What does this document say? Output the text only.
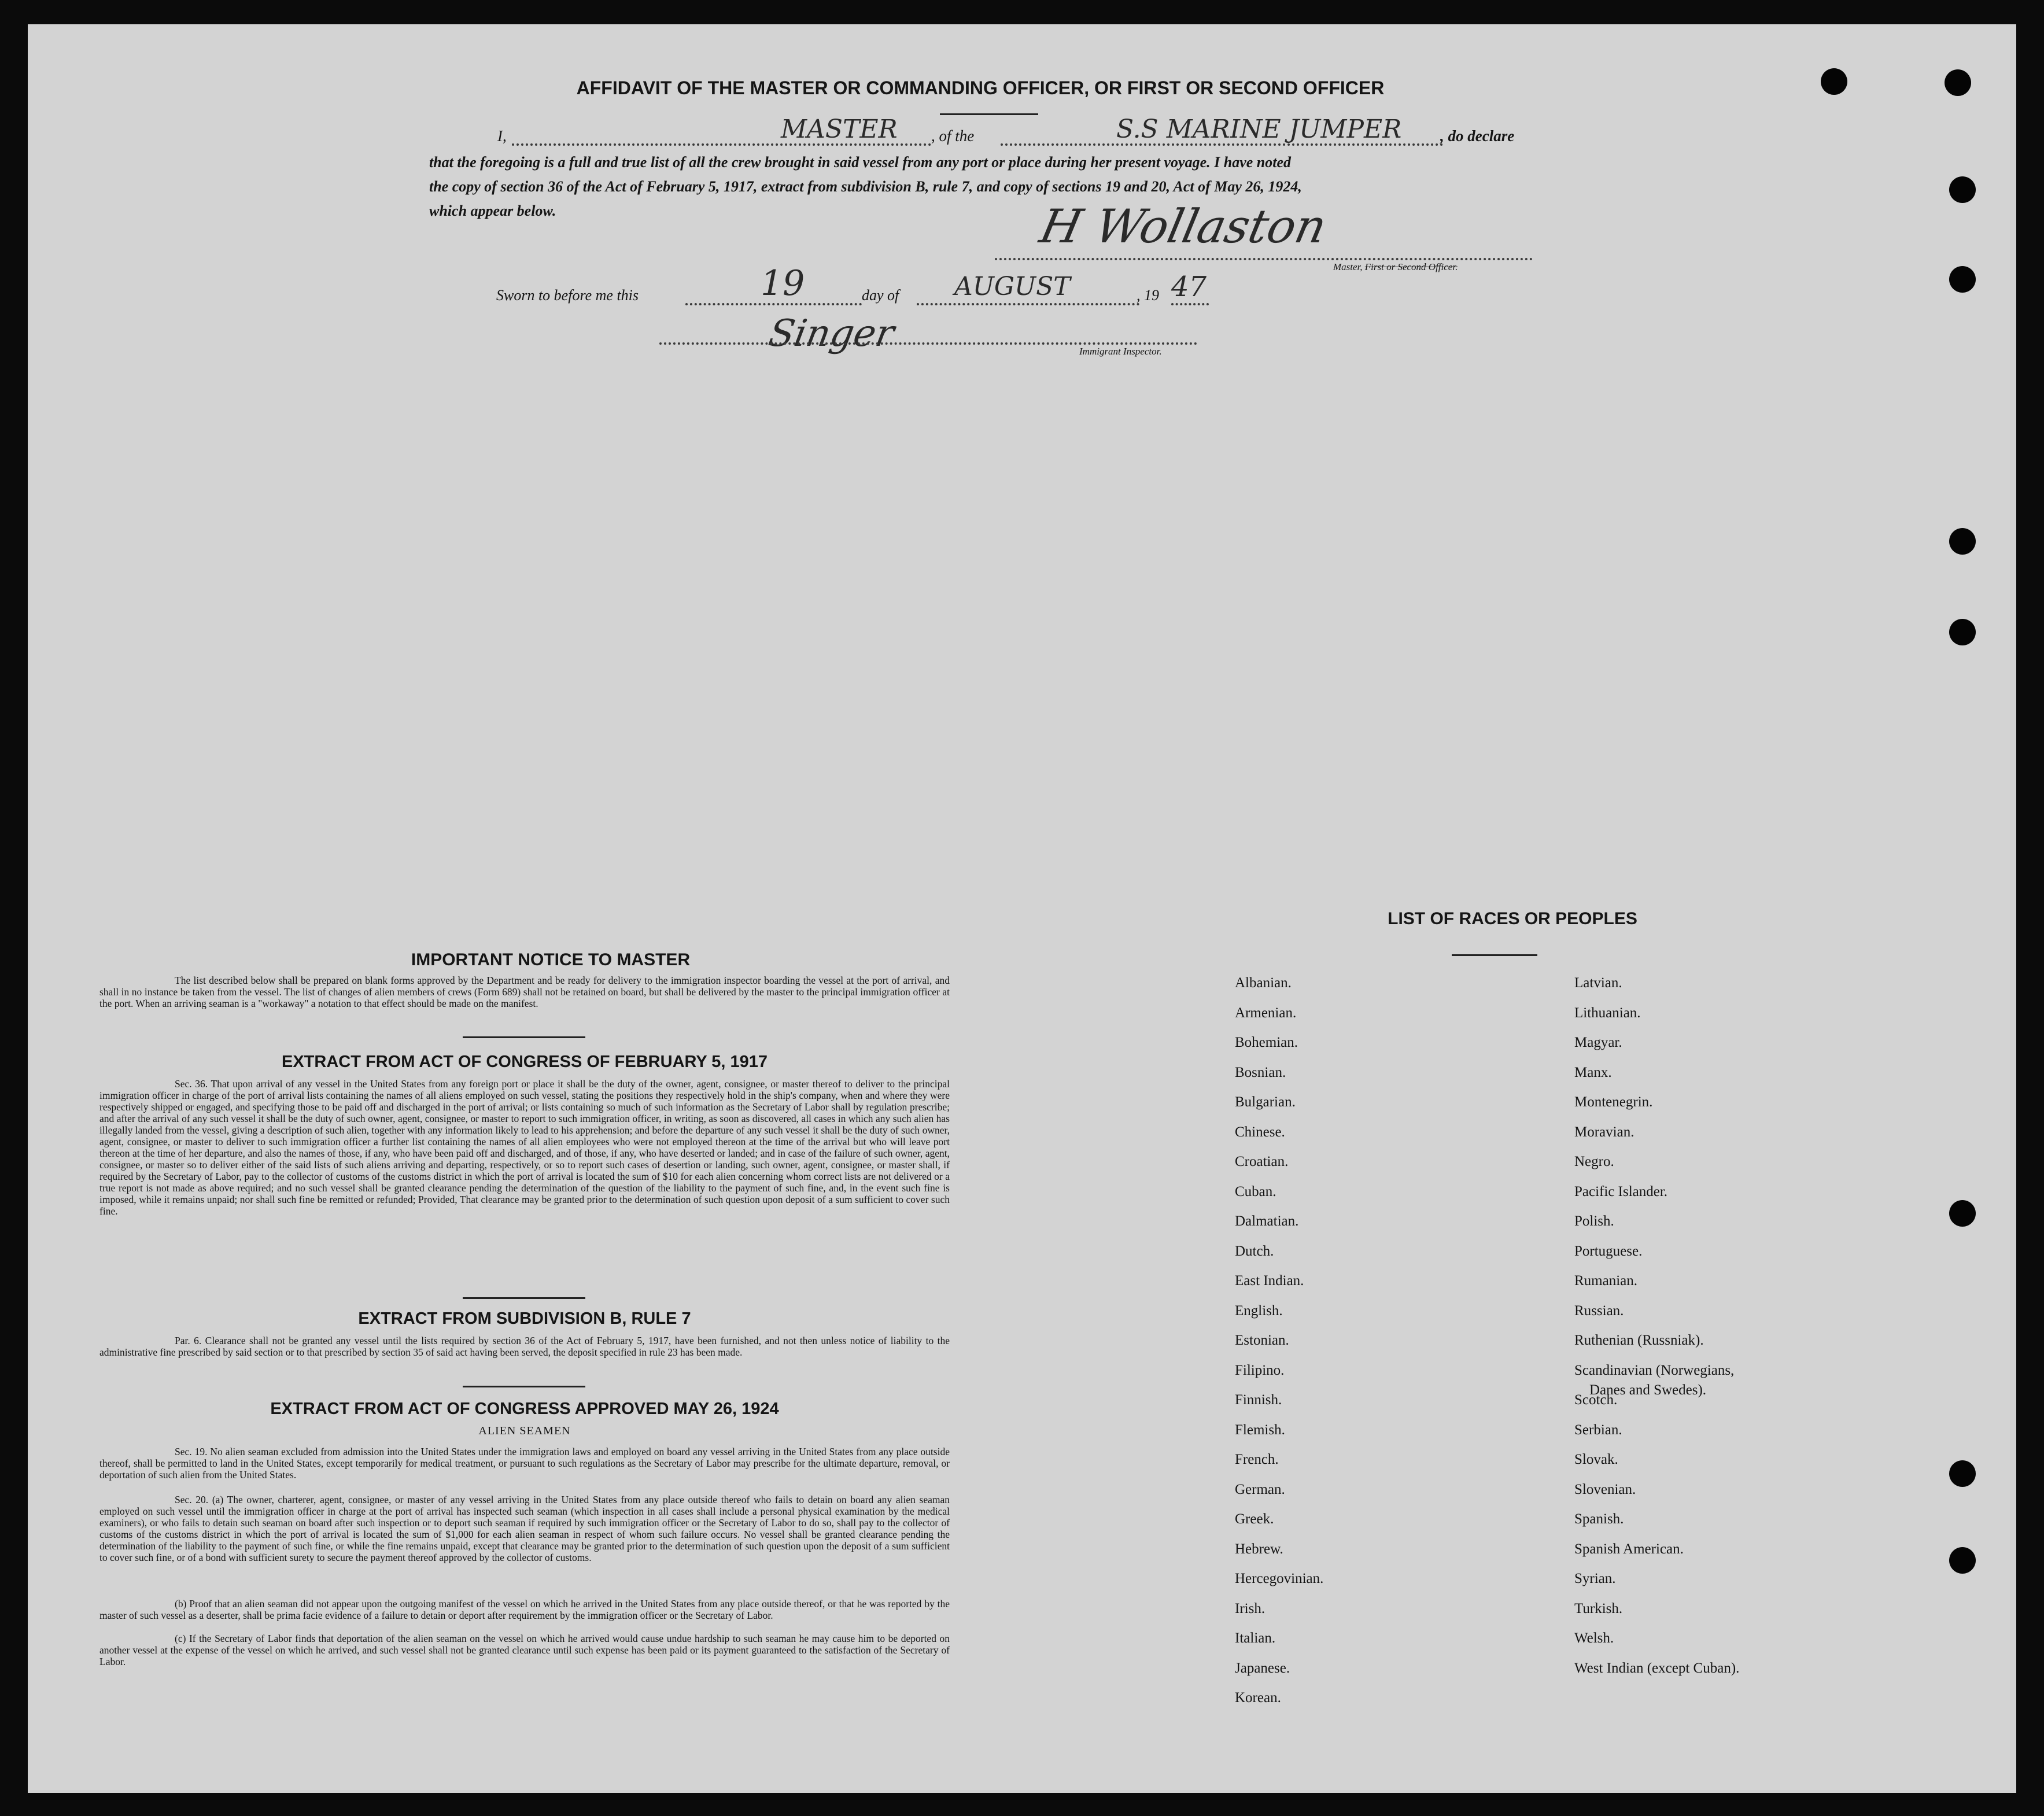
AFFIDAVIT OF THE MASTER OR COMMANDING OFFICER, OR FIRST OR SECOND OFFICER
I,	MASTER , of the	S.S MARINE JUMPER , do declare
that the foregoing is a full and true list of all the crew brought in said vessel from any port or place during her present voyage. I have noted
the copy of section 36 of the Act of February 5, 1917, extract from subdivision B, rule 7, and copy of sections 19 and 20, Act of May 26, 1924,
which appear below.	H Wollaston
Master, First or Second Officer.
Sworn to before me this	19	day of AUGUST	, 19 47
Singer	Immigrant Inspector.
IMPORTANT NOTICE TO MASTER
The list described below shall be prepared on blank forms approved by the Department and be ready for delivery to the immigration inspector boarding the vessel at the port of arrival, and shall in no instance be taken from the vessel. The list of changes of alien members of crews (Form 689) shall not be retained on board, but shall be delivered by the master to the principal immigration officer at the port. When an arriving seaman is a "workaway" a notation to that effect should be made on the manifest.
EXTRACT FROM ACT OF CONGRESS OF FEBRUARY 5, 1917
Sec. 36. That upon arrival of any vessel in the United States from any foreign port or place it shall be the duty of the owner, agent, consignee, or master thereof to deliver to the principal immigration officer in charge of the port of arrival lists containing the names of all aliens employed on such vessel, stating the positions they respectively hold in the ship's company, when and where they were respectively shipped or engaged, and specifying those to be paid off and discharged in the port of arrival; or lists containing so much of such information as the Secretary of Labor shall by regulation prescribe; and after the arrival of any such vessel it shall be the duty of such owner, agent, consignee, or master to report to such immigration officer, in writing, as soon as discovered, all cases in which any such alien has illegally landed from the vessel, giving a description of such alien, together with any information likely to lead to his apprehension; and before the departure of any such vessel it shall be the duty of such owner, agent, consignee, or master to deliver to such immigration officer a further list containing the names of all alien employees who were not employed thereon at the time of the arrival but who will leave port thereon at the time of her departure, and also the names of those, if any, who have been paid off and discharged, and of those, if any, who have deserted or landed; and in case of the failure of such owner, agent, consignee, or master so to deliver either of the said lists of such aliens arriving and departing, respectively, or so to report such cases of desertion or landing, such owner, agent, consignee, or master shall, if required by the Secretary of Labor, pay to the collector of customs of the customs district in which the port of arrival is located the sum of $10 for each alien concerning whom correct lists are not delivered or a true report is not made as above required; and no such vessel shall be granted clearance pending the determination of the question of the liability to the payment of such fine, and, in the event such fine is imposed, while it remains unpaid; nor shall such fine be remitted or refunded; Provided, That clearance may be granted prior to the determination of such question upon deposit of a sum sufficient to cover such fine.
EXTRACT FROM SUBDIVISION B, RULE 7
Par. 6. Clearance shall not be granted any vessel until the lists required by section 36 of the Act of February 5, 1917, have been furnished, and not then unless notice of liability to the administrative fine prescribed by said section or to that prescribed by section 35 of said act having been served, the deposit specified in rule 23 has been made.
EXTRACT FROM ACT OF CONGRESS APPROVED MAY 26, 1924
ALIEN SEAMEN
Sec. 19. No alien seaman excluded from admission into the United States under the immigration laws and employed on board any vessel arriving in the United States from any place outside thereof, shall be permitted to land in the United States, except temporarily for medical treatment, or pursuant to such regulations as the Secretary of Labor may prescribe for the ultimate departure, removal, or deportation of such alien from the United States.
Sec. 20. (a) The owner, charterer, agent, consignee, or master of any vessel arriving in the United States from any place outside thereof who fails to detain on board any alien seaman employed on such vessel until the immigration officer in charge at the port of arrival has inspected such seaman (which inspection in all cases shall include a personal physical examination by the medical examiners), or who fails to detain such seaman on board after such inspection or to deport such seaman if required by such immigration officer or the Secretary of Labor to do so, shall pay to the collector of customs of the customs district in which the port of arrival is located the sum of $1,000 for each alien seaman in respect of whom such failure occurs. No vessel shall be granted clearance pending the determination of the liability to the payment of such fine, or while the fine remains unpaid, except that clearance may be granted prior to the determination of such question upon the deposit of a sum sufficient to cover such fine, or of a bond with sufficient surety to secure the payment thereof approved by the collector of customs.
(b) Proof that an alien seaman did not appear upon the outgoing manifest of the vessel on which he arrived in the United States from any place outside thereof, or that he was reported by the master of such vessel as a deserter, shall be prima facie evidence of a failure to detain or deport after requirement by the immigration officer or the Secretary of Labor.
(c) If the Secretary of Labor finds that deportation of the alien seaman on the vessel on which he arrived would cause undue hardship to such seaman he may cause him to be deported on another vessel at the expense of the vessel on which he arrived, and such vessel shall not be granted clearance until such expense has been paid or its payment guaranteed to the satisfaction of the Secretary of Labor.
LIST OF RACES OR PEOPLES
Albanian.
Armenian.
Bohemian.
Bosnian.
Bulgarian.
Chinese.
Croatian.
Cuban.
Dalmatian.
Dutch.
East Indian.
English.
Estonian.
Filipino.
Finnish.
Flemish.
French.
German.
Greek.
Hebrew.
Hercegovinian.
Irish.
Italian.
Japanese.
Korean.
Latvian.
Lithuanian.
Magyar.
Manx.
Montenegrin.
Moravian.
Negro.
Pacific Islander.
Polish.
Portuguese.
Rumanian.
Russian.
Ruthenian (Russniak).
Scandinavian (Norwegians,
Danes and Swedes).
Scotch.
Serbian.
Slovak.
Slovenian.
Spanish.
Spanish American.
Syrian.
Turkish.
Welsh.
West Indian (except Cuban).
